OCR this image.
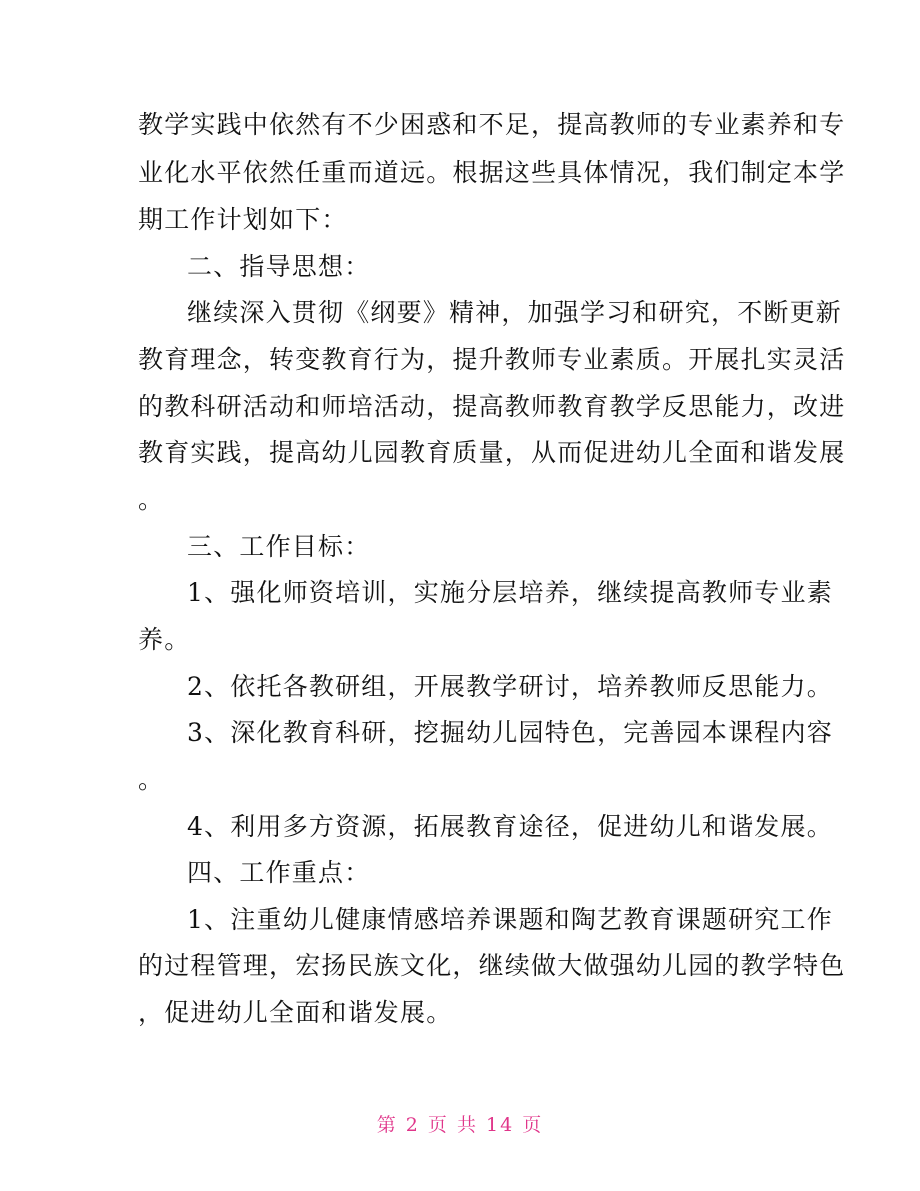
教学实践中依然有不少困惑和不足，提高教师的专业素养和专
业化水平依然任重而道远。根据这些具体情况，我们制定本学
期工作计划如下：
二、指导思想：
继续深入贯彻《纲要》精神，加强学习和研究，不断更新
教育理念，转变教育行为，提升教师专业素质。开展扎实灵活
的教科研活动和师培活动，提高教师教育教学反思能力，改进
教育实践，提高幼儿园教育质量，从而促进幼儿全面和谐发展
。
三、工作目标：
1、强化师资培训，实施分层培养，继续提高教师专业素
养。
2、依托各教研组，开展教学研讨，培养教师反思能力。
3、深化教育科研，挖掘幼儿园特色，完善园本课程内容
。
4、利用多方资源，拓展教育途径，促进幼儿和谐发展。
四、工作重点：
1、注重幼儿健康情感培养课题和陶艺教育课题研究工作
的过程管理，宏扬民族文化，继续做大做强幼儿园的教学特色
，促进幼儿全面和谐发展。
第 2 页 共 14 页
